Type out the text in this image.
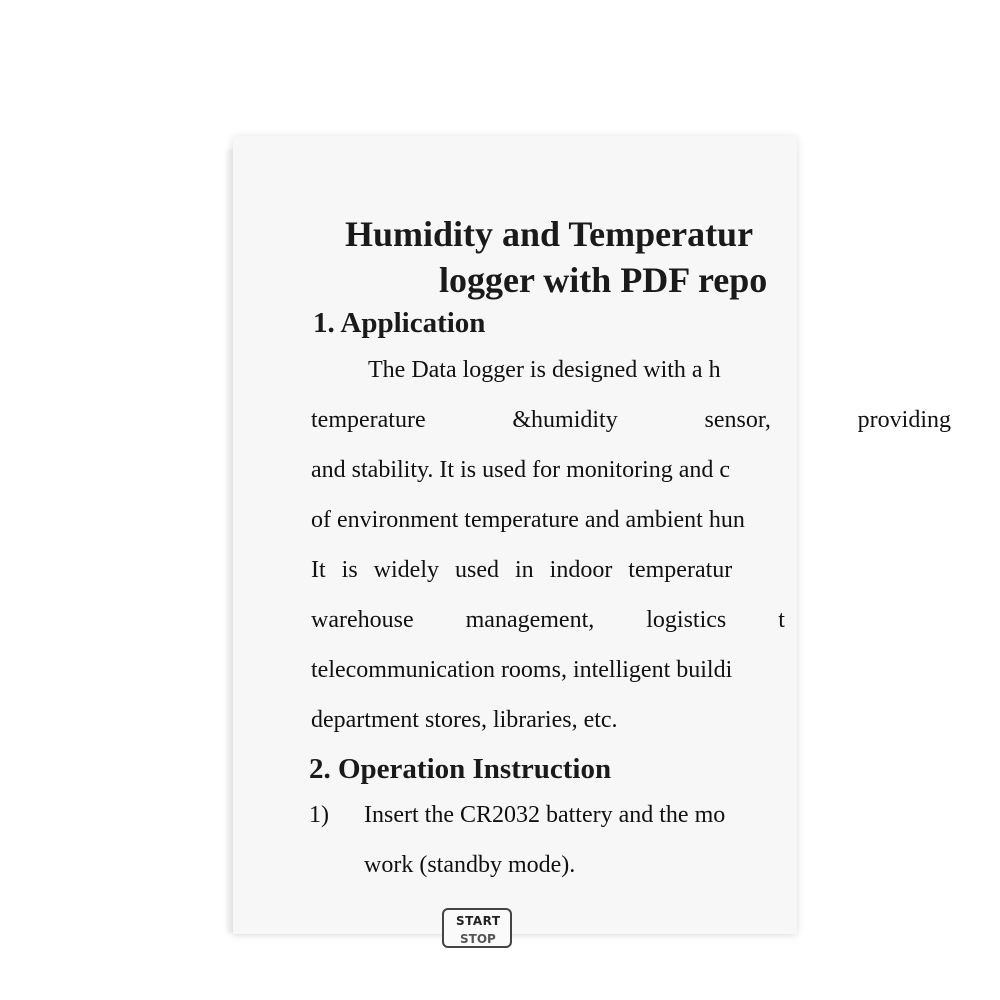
Humidity and Temperatur
logger with PDF repo
1. Application
The Data logger is designed with a h
temperature &humidity sensor, providing
and stability. It is used for monitoring and c
of environment temperature and ambient hun
It is widely used in indoor temperatur
warehouse management, logistics t
telecommunication rooms, intelligent buildi
department stores, libraries, etc.
2. Operation Instruction
1) Insert the CR2032 battery and the mo
work (standby mode).
START
STOP
